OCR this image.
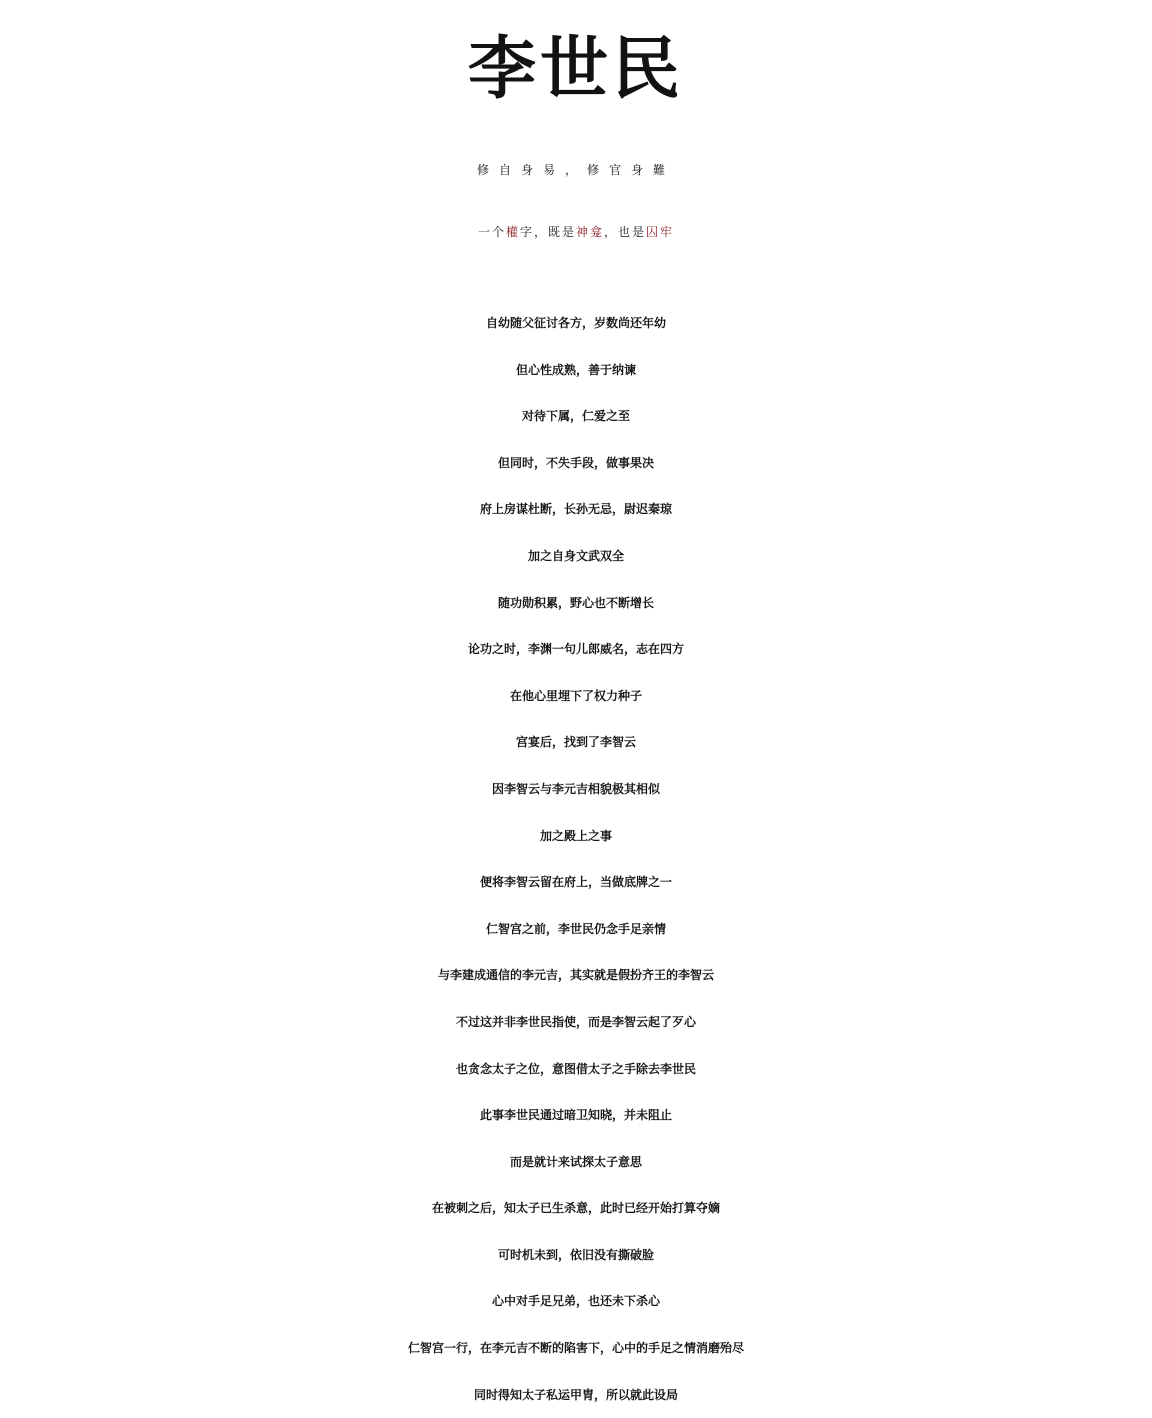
李世民
修自身易，修官身難
一个權字，既是神龛，也是囚牢
自幼随父征讨各方，岁数尚还年幼
但心性成熟，善于纳谏
对待下属，仁爱之至
但同时，不失手段，做事果决
府上房谋杜断，长孙无忌，尉迟秦琼
加之自身文武双全
随功勋积累，野心也不断增长
论功之时，李渊一句儿郎威名，志在四方
在他心里埋下了权力种子
宫宴后，找到了李智云
因李智云与李元吉相貌极其相似
加之殿上之事
便将李智云留在府上，当做底牌之一
仁智宫之前，李世民仍念手足亲情
与李建成通信的李元吉，其实就是假扮齐王的李智云
不过这并非李世民指使，而是李智云起了歹心
也贪念太子之位，意图借太子之手除去李世民
此事李世民通过暗卫知晓，并未阻止
而是就计来试探太子意思
在被刺之后，知太子已生杀意，此时已经开始打算夺嫡
可时机未到，依旧没有撕破脸
心中对手足兄弟，也还未下杀心
仁智宫一行，在李元吉不断的陷害下，心中的手足之情消磨殆尽
同时得知太子私运甲胄，所以就此设局
